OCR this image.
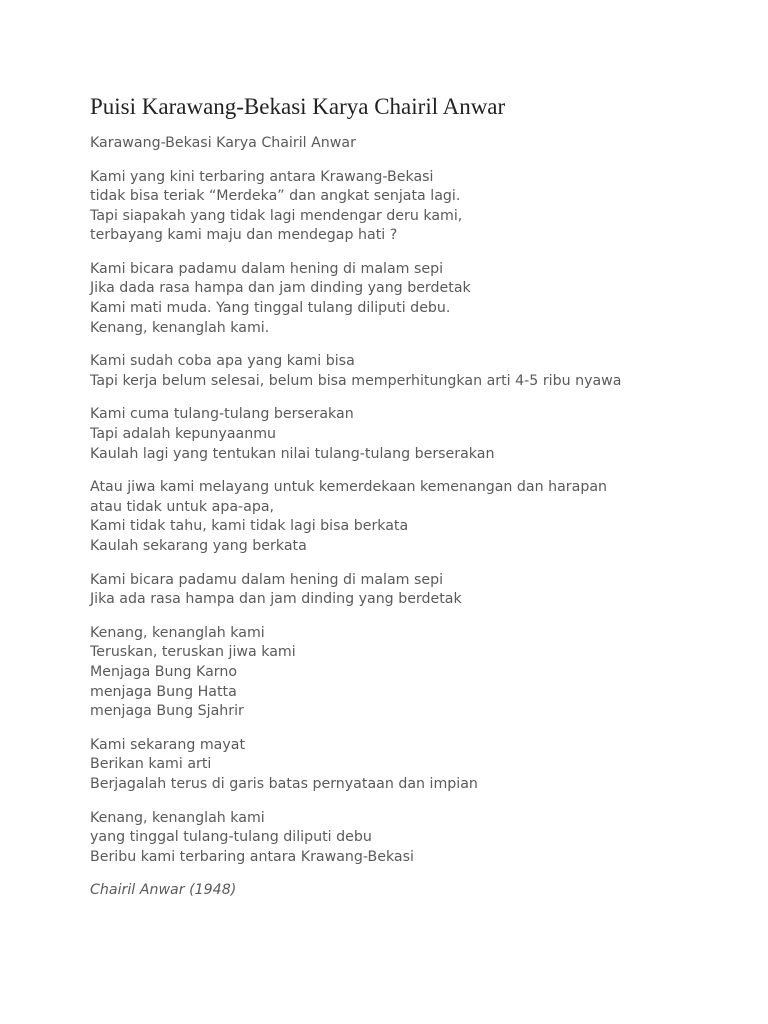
Puisi Karawang-Bekasi Karya Chairil Anwar
Karawang-Bekasi Karya Chairil Anwar
Kami yang kini terbaring antara Krawang-Bekasi
tidak bisa teriak “Merdeka” dan angkat senjata lagi.
Tapi siapakah yang tidak lagi mendengar deru kami,
terbayang kami maju dan mendegap hati ?
Kami bicara padamu dalam hening di malam sepi
Jika dada rasa hampa dan jam dinding yang berdetak
Kami mati muda. Yang tinggal tulang diliputi debu.
Kenang, kenanglah kami.
Kami sudah coba apa yang kami bisa
Tapi kerja belum selesai, belum bisa memperhitungkan arti 4-5 ribu nyawa
Kami cuma tulang-tulang berserakan
Tapi adalah kepunyaanmu
Kaulah lagi yang tentukan nilai tulang-tulang berserakan
Atau jiwa kami melayang untuk kemerdekaan kemenangan dan harapan
atau tidak untuk apa-apa,
Kami tidak tahu, kami tidak lagi bisa berkata
Kaulah sekarang yang berkata
Kami bicara padamu dalam hening di malam sepi
Jika ada rasa hampa dan jam dinding yang berdetak
Kenang, kenanglah kami
Teruskan, teruskan jiwa kami
Menjaga Bung Karno
menjaga Bung Hatta
menjaga Bung Sjahrir
Kami sekarang mayat
Berikan kami arti
Berjagalah terus di garis batas pernyataan dan impian
Kenang, kenanglah kami
yang tinggal tulang-tulang diliputi debu
Beribu kami terbaring antara Krawang-Bekasi
Chairil Anwar (1948)
